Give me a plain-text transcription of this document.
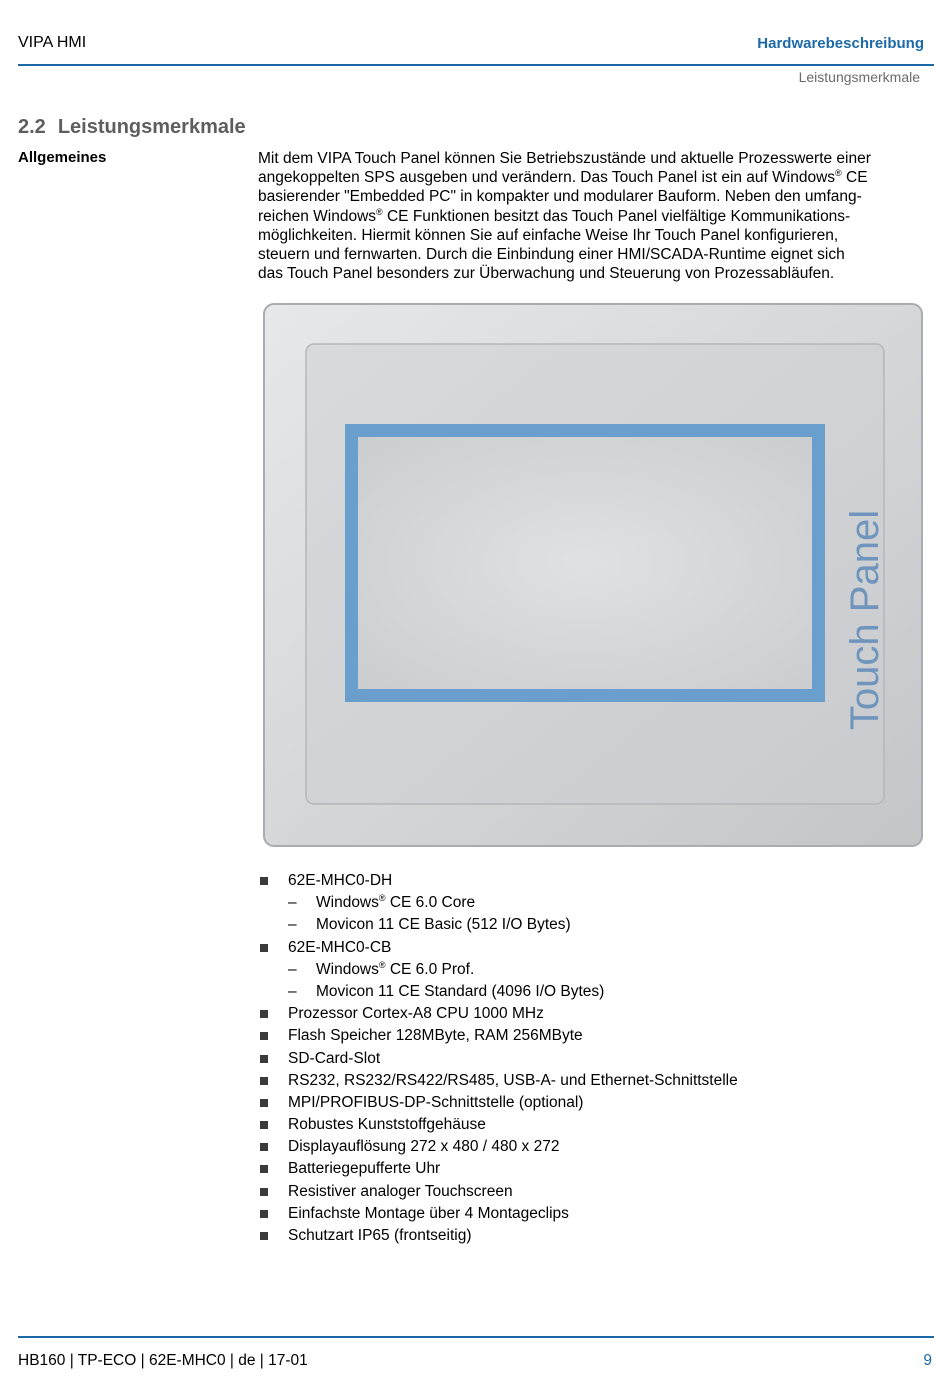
VIPA HMI	Hardwarebeschreibung
Leistungsmerkmale
2.2 Leistungsmerkmale
Allgemeines	Mit dem VIPA Touch Panel können Sie Betriebszustände und aktuelle Prozesswerte einer

angekoppelten SPS ausgeben und verändern. Das Touch Panel ist ein auf Windows® CE

basierender "Embedded PC" in kompakter und modularer Bauform. Neben den umfang-

reichen Windows® CE Funktionen besitzt das Touch Panel vielfältige Kommunikations-

möglichkeiten. Hiermit können Sie auf einfache Weise Ihr Touch Panel konfigurieren,

steuern und fernwarten. Durch die Einbindung einer HMI/SCADA-Runtime eignet sich

das Touch Panel besonders zur Überwachung und Steuerung von Prozessabläufen.

Touch Panel
62E-MHC0-DH
– Windows® CE 6.0 Core
– Movicon 11 CE Basic (512 I/O Bytes)
62E-MHC0-CB
– Windows® CE 6.0 Prof.
– Movicon 11 CE Standard (4096 I/O Bytes)
Prozessor Cortex-A8 CPU 1000 MHz
Flash Speicher 128MByte, RAM 256MByte
SD-Card-Slot
RS232, RS232/RS422/RS485, USB-A- und Ethernet-Schnittstelle
MPI/PROFIBUS-DP-Schnittstelle (optional)
Robustes Kunststoffgehäuse
Displayauflösung 272 x 480 / 480 x 272
Batteriegepufferte Uhr
Resistiver analoger Touchscreen
Einfachste Montage über 4 Montageclips
Schutzart IP65 (frontseitig)
HB160 | TP-ECO | 62E-MHC0 | de | 17-01	9
